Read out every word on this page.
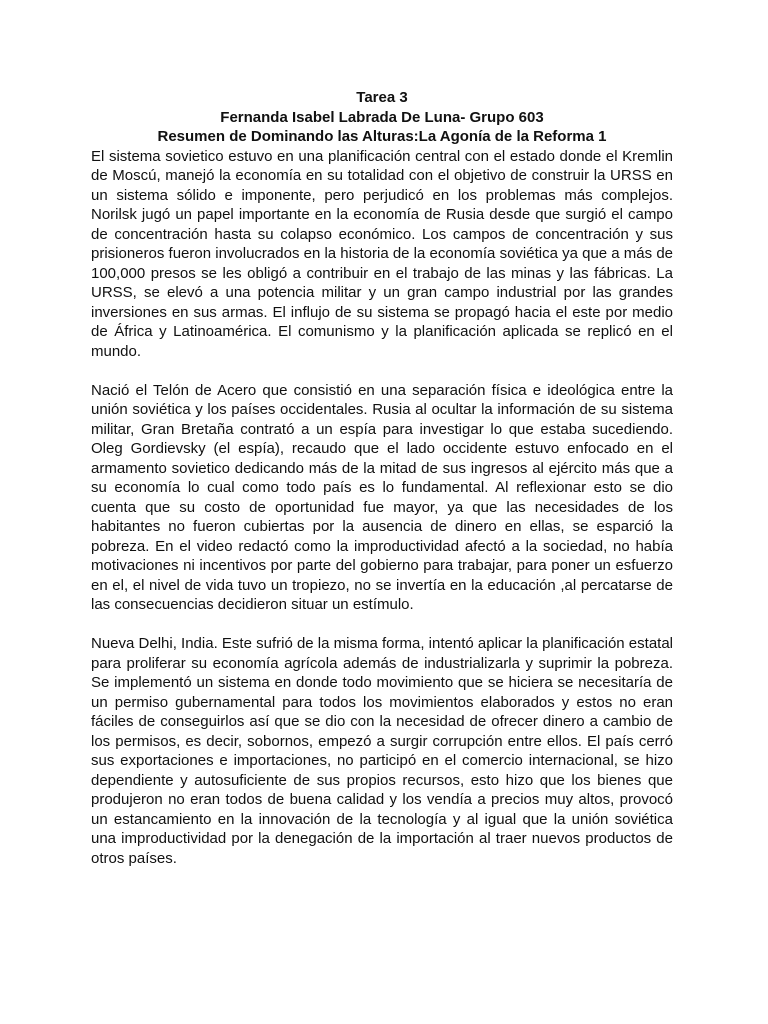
Tarea 3

Fernanda Isabel Labrada De Luna- Grupo 603

Resumen de Dominando las Alturas:La Agonía de la Reforma 1

El sistema sovietico estuvo en una planificación central con el estado donde el Kremlin de Moscú, manejó la economía en su totalidad con el objetivo de construir la URSS en un sistema sólido e imponente, pero perjudicó en los problemas más complejos. Norilsk jugó un papel importante en la economía de Rusia desde que surgió el campo de concentración hasta su colapso económico. Los campos de concentración y sus prisioneros fueron involucrados en la historia de la economía soviética ya que a más de 100,000 presos se les obligó a contribuir en el trabajo de las minas y las fábricas. La URSS, se elevó a una potencia militar y un gran campo industrial por las grandes inversiones en sus armas. El influjo de su sistema se propagó hacia el este por medio de África y Latinoamérica. El comunismo y la planificación aplicada se replicó en el mundo.

Nació el Telón de Acero que consistió en una separación física e ideológica entre la unión soviética y los países occidentales. Rusia al ocultar la información de su sistema militar, Gran Bretaña contrató a un espía para investigar lo que estaba sucediendo. Oleg Gordievsky (el espía), recaudo que el lado occidente estuvo enfocado en el armamento sovietico dedicando más de la mitad de sus ingresos al ejército más que a su economía lo cual como todo país es lo fundamental. Al reflexionar esto se dio cuenta que su costo de oportunidad fue mayor, ya que las necesidades de los habitantes no fueron cubiertas por la ausencia de dinero en ellas, se esparció la pobreza. En el video redactó como la improductividad afectó a la sociedad, no había motivaciones ni incentivos por parte del gobierno para trabajar, para poner un esfuerzo en el, el nivel de vida tuvo un tropiezo, no se invertía en la educación ,al percatarse de las consecuencias decidieron situar un estímulo.

Nueva Delhi, India. Este sufrió de la misma forma, intentó aplicar la planificación estatal para proliferar su economía agrícola además de industrializarla y suprimir la pobreza. Se implementó un sistema en donde todo movimiento que se hiciera se necesitaría de un permiso gubernamental para todos los movimientos elaborados y estos no eran fáciles de conseguirlos así que se dio con la necesidad de ofrecer dinero a cambio de los permisos, es decir, sobornos, empezó a surgir corrupción entre ellos. El país cerró sus exportaciones e importaciones, no participó en el comercio internacional, se hizo dependiente y autosuficiente de sus propios recursos, esto hizo que los bienes que produjeron no eran todos de buena calidad y los vendía a precios muy altos, provocó un estancamiento en la innovación de la tecnología y al igual que la unión soviética una improductividad por la denegación de la importación al traer nuevos productos de otros países.
